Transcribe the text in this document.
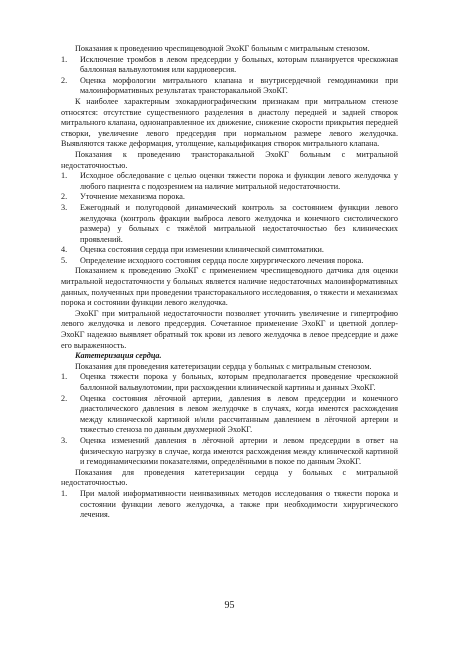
Показания к проведению чреспищеводной ЭхоКГ больным с митральным стенозом.

1.	Исключение тромбов в левом предсердии у больных, которым планируется чрескожная баллонная вальвулотомия или кардиоверсия.
2.	Оценка морфологии митрального клапана и внутрисердечной гемодинамики при малоинформативных результатах трансторакальной ЭхоКГ.

К наиболее характерным эхокардиографическим признакам при митральном стенозе относятся: отсутствие существенного разделения в диастолу передней и задней створок митрального клапана, однонаправленное их движение, снижение скорости прикрытия передней створки, увеличение левого предсердия при нормальном размере левого желудочка. Выявляются также деформация, утолщение, кальцификация створок митрального клапана.

Показания к проведению трансторакальной ЭхоКГ больным с митральной недостаточностью.

1.	Исходное обследование с целью оценки тяжести порока и функции левого желудочка у любого пациента с подозрением на наличие митральной недостаточности.
2.	Уточнение механизма порока.
3.	Ежегодный и полугодовой динамический контроль за состоянием функции левого желудочка (контроль фракции выброса левого желудочка и конечного систолического размера) у больных с тяжёлой митральной недостаточностью без клинических проявлений.
4.	Оценка состояния сердца при изменении клинической симптоматики.
5.	Определение исходного состояния сердца после хирургического лечения порока.

Показанием к проведению ЭхоКГ с применением чреспищеводного датчика для оценки митральной недостаточности у больных является наличие недостаточных малоинформативных данных, полученных при проведении трансторакального исследования, о тяжести и механизмах порока и состоянии функции левого желудочка.

ЭхоКГ при митральной недостаточности позволяет уточнить увеличение и гипертрофию левого желудочка и левого предсердия. Сочетанное применение ЭхоКГ и цветной доплер-ЭхоКГ надежно выявляет обратный ток крови из левого желудочка в левое предсердие и даже его выраженность.

Катетеризация сердца.

Показания для проведения катетеризации сердца у больных с митральным стенозом.

1.	Оценка тяжести порока у больных, которым предполагается проведение чрескожной баллонной вальвулотомии, при расхождении клинической картины и данных ЭхоКГ.
2.	Оценка состояния лёгочной артерии, давления в левом предсердии и конечного диастолического давления в левом желудочке в случаях, когда имеются расхождения между клинической картиной и/или рассчитанным давлением в лёгочной артерии и тяжестью стеноза по данным двухмерной ЭхоКГ.
3.	Оценка изменений давления в лёгочной артерии и левом предсердии в ответ на физическую нагрузку в случае, когда имеются расхождения между клинической картиной и гемодинамическими показателями, определёнными в покое по данным ЭхоКГ.

Показания для проведения катетеризации сердца у больных с митральной недостаточностью.

1.	При малой информативности неинвазивных методов исследования о тяжести порока и состоянии функции левого желудочка, а также при необходимости хирургического лечения.
95
